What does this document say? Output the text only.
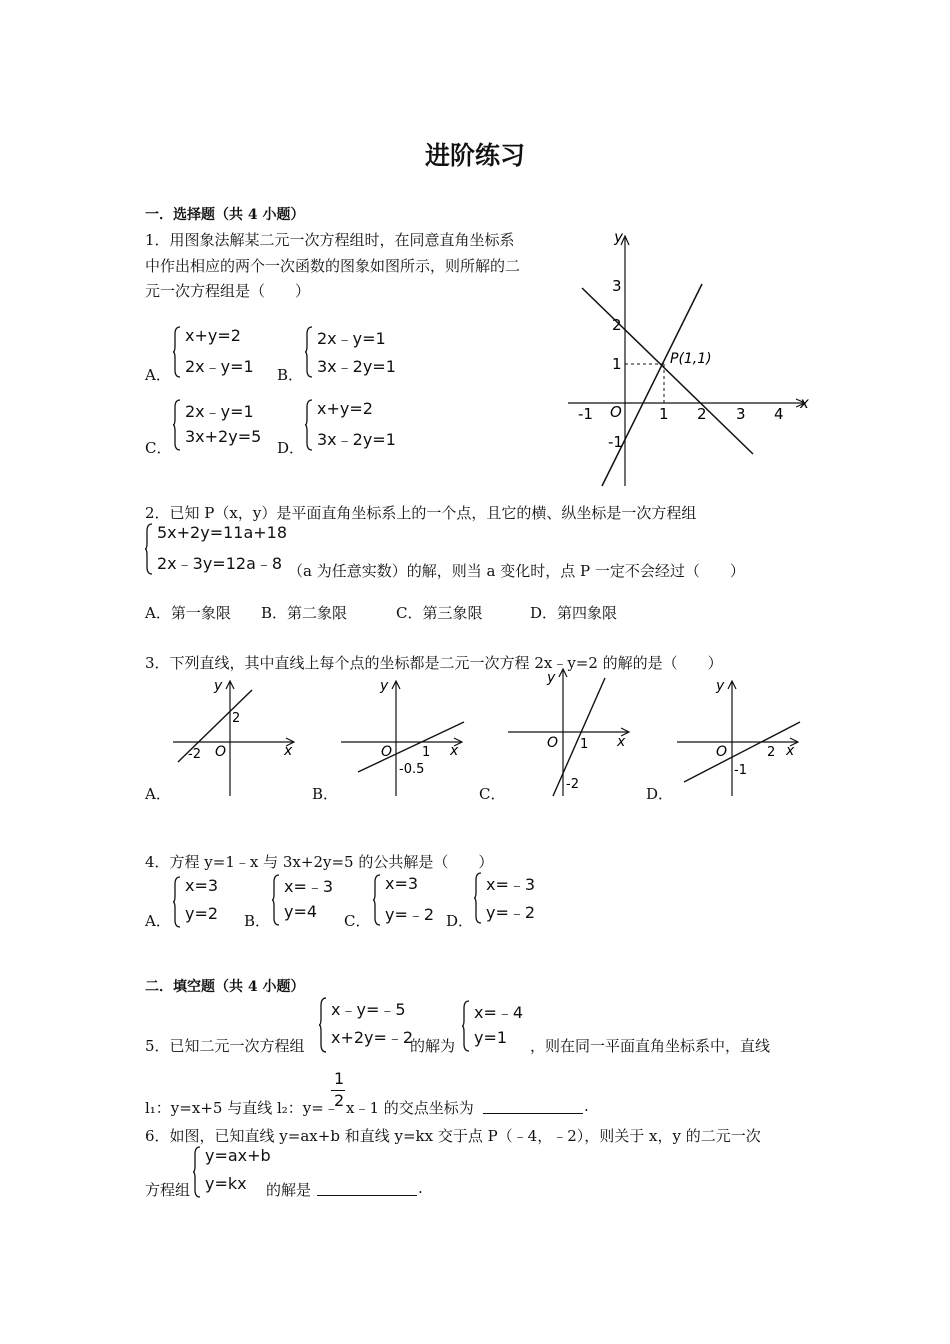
进阶练习
一．选择题（共 4 小题）
1．用图象法解某二元一次方程组时，在同意直角坐标系
中作出相应的两个一次函数的图象如图所示，则所解的二
元一次方程组是（　　）
A．
x+y=2
2x﹣y=1 B．
2x﹣y=1
3x﹣2y=1
C．
2x﹣y=1
3x+2y=5
D．
x+y=2
3x﹣2y=1
y
x
O
P(1,1)
3
2
1
-1
1 2 3 4
-1
2．已知 P（x，y）是平面直角坐标系上的一个点，且它的横、纵坐标是一次方程组
5x+2y=11a+18
2x﹣3y=12a﹣8 （a 为任意实数）的解，则当 a 变化时，点 P 一定不会经过（　　）
A．第一象限 B．第二象限	C．第三象限	D．第四象限
3．下列直线，其中直线上每个点的坐标都是二元一次方程 2x﹣y=2 的解的是（　　）
A．
y
x
O
-2
2
B．
y
x
O 1
-0.5
C．
y
x
O 1
-2
D．
y
x
O	2
-1
4．方程 y=1﹣x 与 3x+2y=5 的公共解是（　　）
A．
x=3
y=2 B．
x=﹣3
y=4 C．
x=3
y=﹣2 D．
x=﹣3
y=﹣2
二．填空题（共 4 小题）
5．已知二元一次方程组
x﹣y=﹣5
x+2y=﹣2
的解为
x=﹣4
y=1 ，则在同一平面直角坐标系中，直线
l₁：y=x+5 与直线 l₂：y=﹣
1
2 x﹣1 的交点坐标为	.
6．如图，已知直线 y=ax+b 和直线 y=kx 交于点 P（﹣4，﹣2），则关于 x，y 的二元一次
方程组
y=ax+b
y=kx 的解是	.
